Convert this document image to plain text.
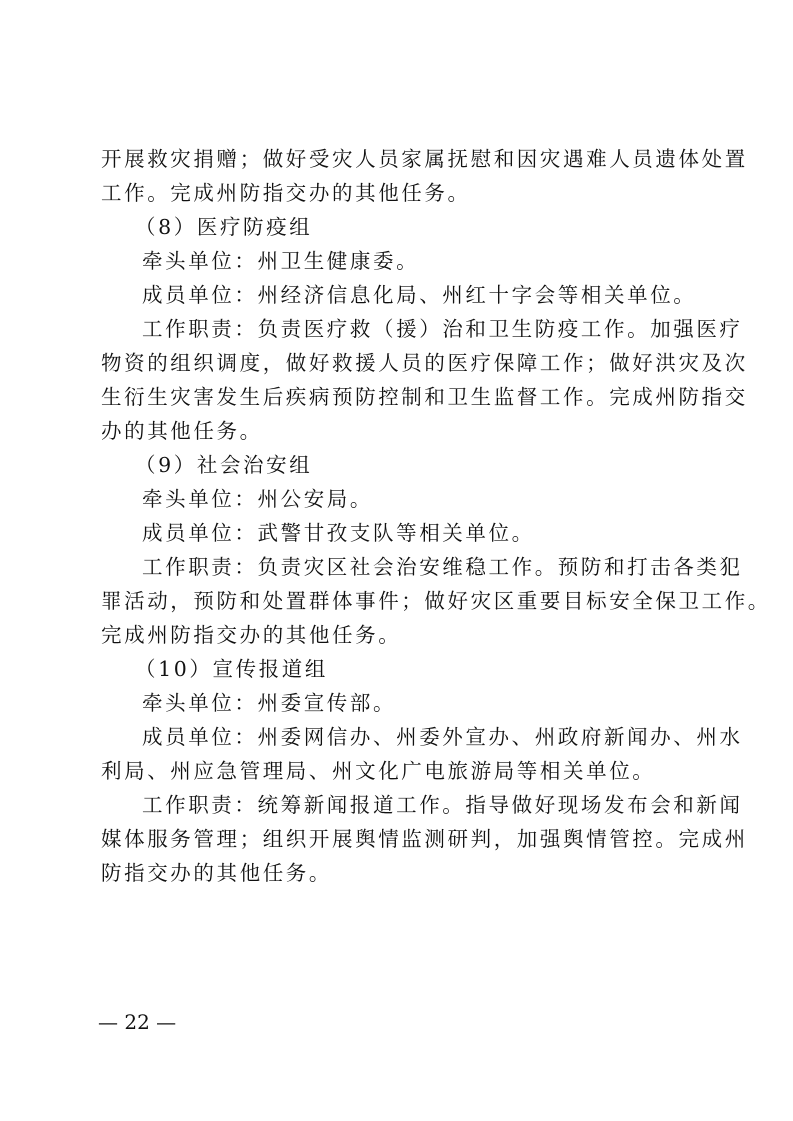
开展救灾捐赠；做好受灾人员家属抚慰和因灾遇难人员遗体处置
工作。完成州防指交办的其他任务。
（8）医疗防疫组
牵头单位：州卫生健康委。
成员单位：州经济信息化局、州红十字会等相关单位。
工作职责：负责医疗救（援）治和卫生防疫工作。加强医疗
物资的组织调度，做好救援人员的医疗保障工作；做好洪灾及次
生衍生灾害发生后疾病预防控制和卫生监督工作。完成州防指交
办的其他任务。
（9）社会治安组
牵头单位：州公安局。
成员单位：武警甘孜支队等相关单位。
工作职责：负责灾区社会治安维稳工作。预防和打击各类犯
罪活动，预防和处置群体事件；做好灾区重要目标安全保卫工作。
完成州防指交办的其他任务。
（10）宣传报道组
牵头单位：州委宣传部。
成员单位：州委网信办、州委外宣办、州政府新闻办、州水
利局、州应急管理局、州文化广电旅游局等相关单位。
工作职责：统筹新闻报道工作。指导做好现场发布会和新闻
媒体服务管理；组织开展舆情监测研判，加强舆情管控。完成州
防指交办的其他任务。
— 22 —
